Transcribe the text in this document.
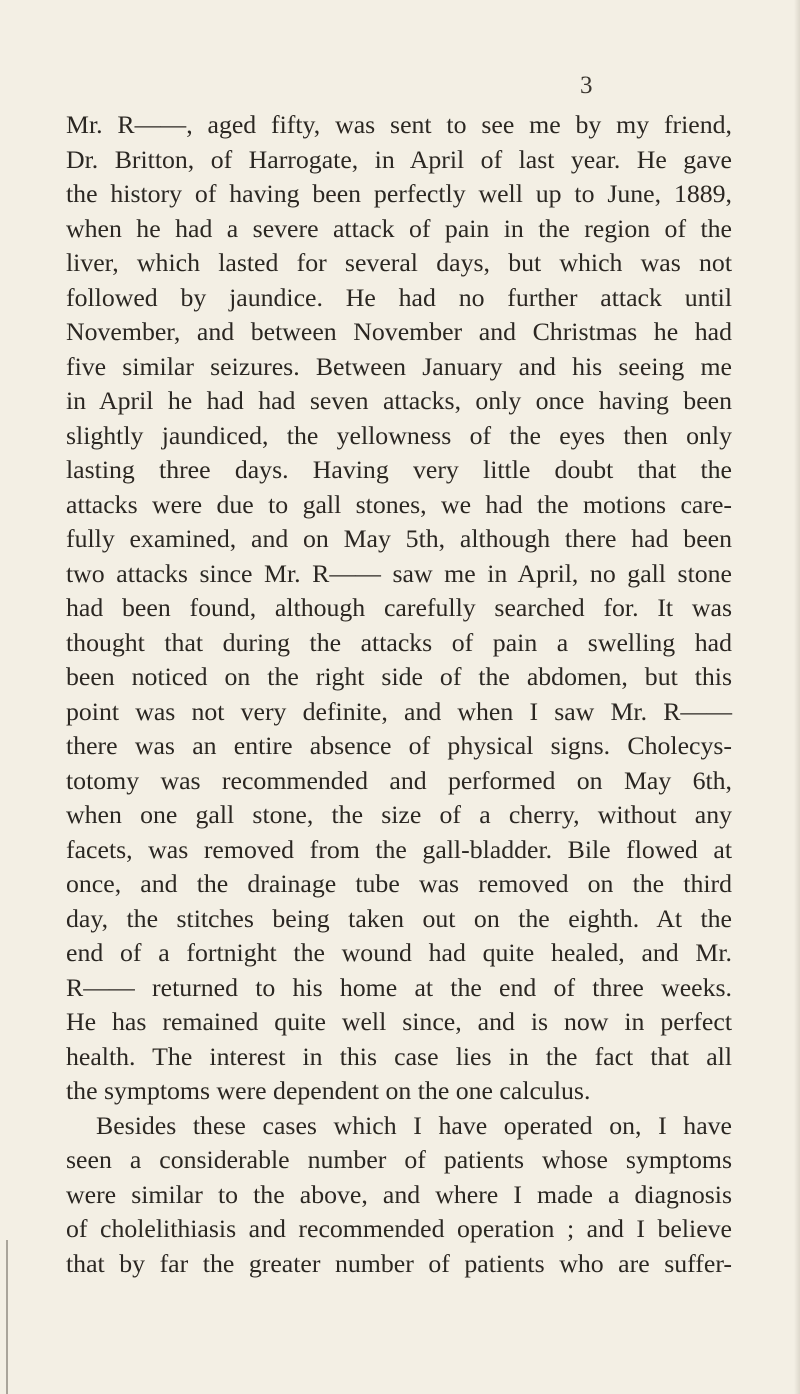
3
Mr. R——, aged fifty, was sent to see me by my friend,
Dr. Britton, of Harrogate, in April of last year. He gave
the history of having been perfectly well up to June, 1889,
when he had a severe attack of pain in the region of the
liver, which lasted for several days, but which was not
followed by jaundice. He had no further attack until
November, and between November and Christmas he had
five similar seizures. Between January and his seeing me
in April he had had seven attacks, only once having been
slightly jaundiced, the yellowness of the eyes then only
lasting three days. Having very little doubt that the
attacks were due to gall stones, we had the motions care-
fully examined, and on May 5th, although there had been
two attacks since Mr. R—— saw me in April, no gall stone
had been found, although carefully searched for. It was
thought that during the attacks of pain a swelling had
been noticed on the right side of the abdomen, but this
point was not very definite, and when I saw Mr. R——
there was an entire absence of physical signs. Cholecys-
totomy was recommended and performed on May 6th,
when one gall stone, the size of a cherry, without any
facets, was removed from the gall-bladder. Bile flowed at
once, and the drainage tube was removed on the third
day, the stitches being taken out on the eighth. At the
end of a fortnight the wound had quite healed, and Mr.
R—— returned to his home at the end of three weeks.
He has remained quite well since, and is now in perfect
health. The interest in this case lies in the fact that all
the symptoms were dependent on the one calculus.
Besides these cases which I have operated on, I have
seen a considerable number of patients whose symptoms
were similar to the above, and where I made a diagnosis
of cholelithiasis and recommended operation ; and I believe
that by far the greater number of patients who are suffer-
